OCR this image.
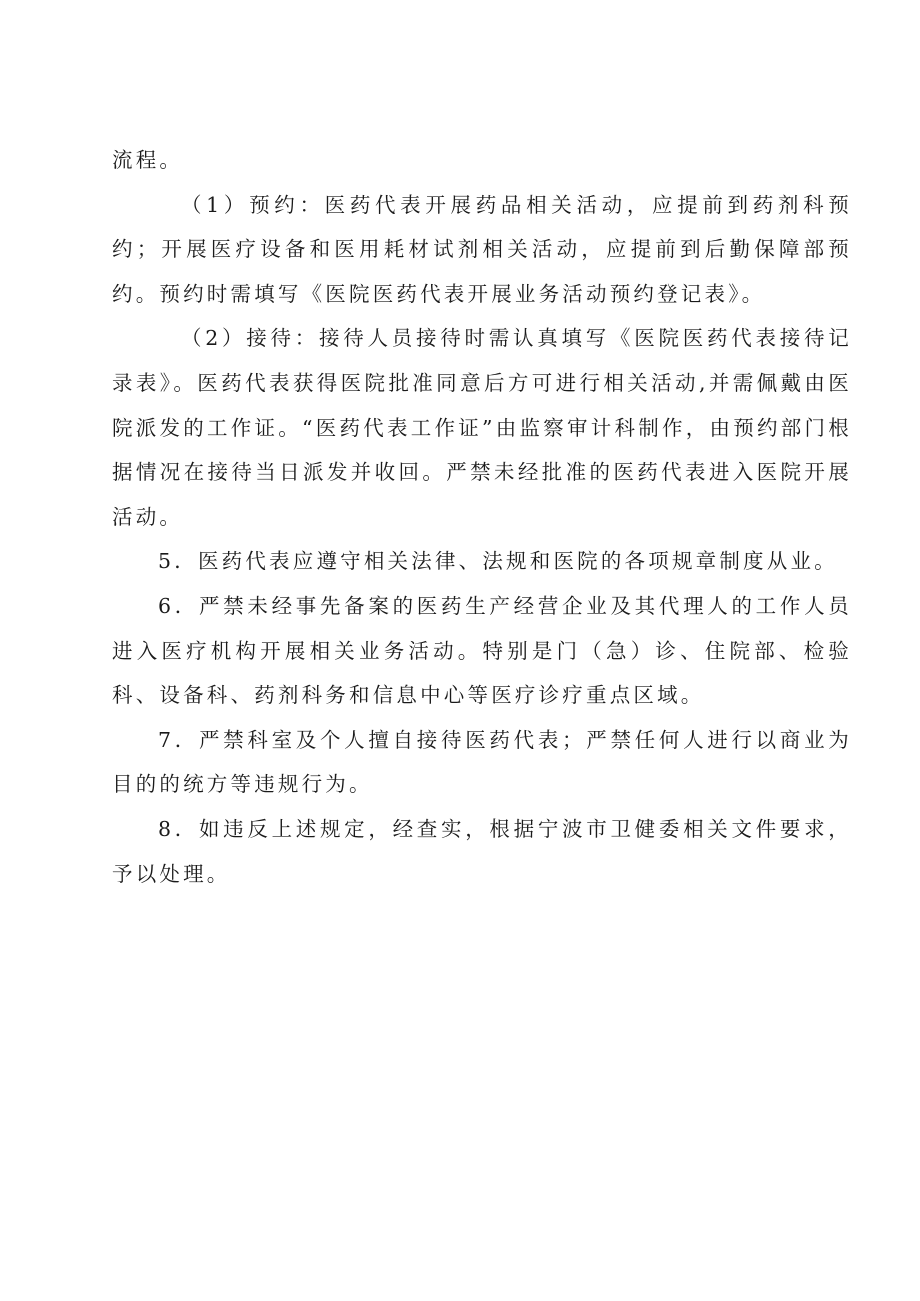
流程。

（1）预约：医药代表开展药品相关活动，应提前到药剂科预约；开展医疗设备和医用耗材试剂相关活动，应提前到后勤保障部预约。预约时需填写《医院医药代表开展业务活动预约登记表》。

（2）接待：接待人员接待时需认真填写《医院医药代表接待记录表》。医药代表获得医院批准同意后方可进行相关活动,并需佩戴由医院派发的工作证。“医药代表工作证”由监察审计科制作，由预约部门根据情况在接待当日派发并收回。严禁未经批准的医药代表进入医院开展活动。

5．医药代表应遵守相关法律、法规和医院的各项规章制度从业。

6．严禁未经事先备案的医药生产经营企业及其代理人的工作人员进入医疗机构开展相关业务活动。特别是门（急）诊、住院部、检验科、设备科、药剂科务和信息中心等医疗诊疗重点区域。

7．严禁科室及个人擅自接待医药代表；严禁任何人进行以商业为目的的统方等违规行为。

8．如违反上述规定，经查实，根据宁波市卫健委相关文件要求，予以处理。
